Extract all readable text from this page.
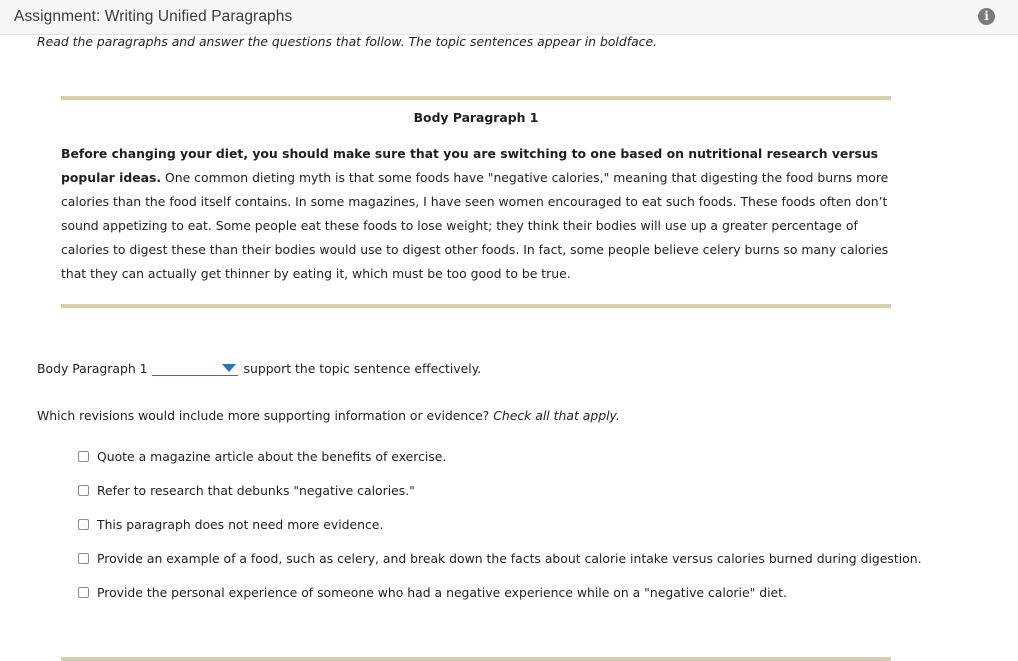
Assignment: Writing Unified Paragraphs	i
Read the paragraphs and answer the questions that follow. The topic sentences appear in boldface.
Body Paragraph 1
Before changing your diet, you should make sure that you are switching to one based on nutritional research versus popular ideas. One common dieting myth is that some foods have "negative calories," meaning that digesting the food burns more calories than the food itself contains. In some magazines, I have seen women encouraged to eat such foods. These foods often don’t sound appetizing to eat. Some people eat these foods to lose weight; they think their bodies will use up a greater percentage of calories to digest these than their bodies would use to digest other foods. In fact, some people believe celery burns so many calories that they can actually get thinner by eating it, which must be too good to be true.
Body Paragraph 1	support the topic sentence effectively.
Which revisions would include more supporting information or evidence? Check all that apply.
Quote a magazine article about the benefits of exercise.
Refer to research that debunks "negative calories."
This paragraph does not need more evidence.
Provide an example of a food, such as celery, and break down the facts about calorie intake versus calories burned during digestion.
Provide the personal experience of someone who had a negative experience while on a "negative calorie" diet.
